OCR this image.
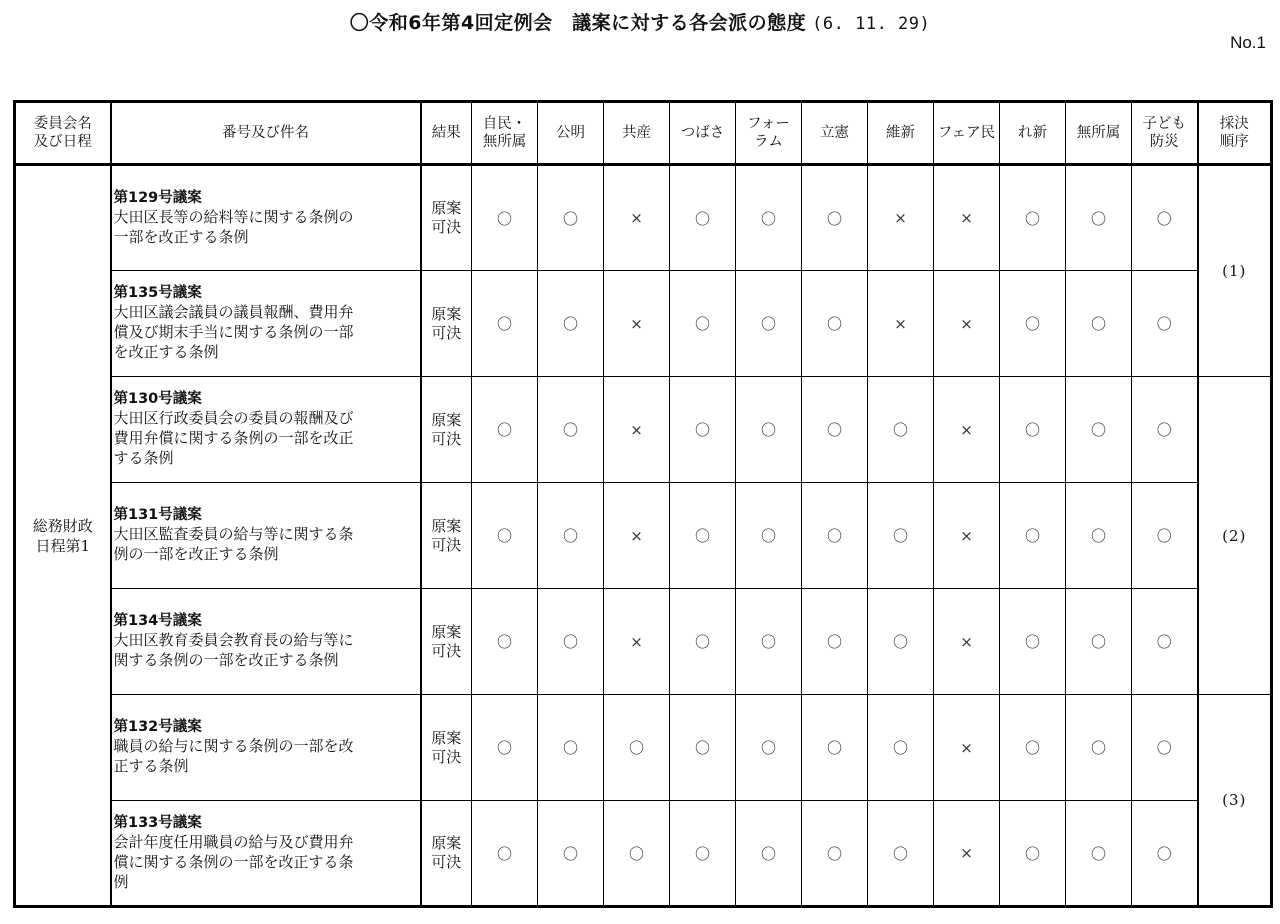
〇令和6年第4回定例会　議案に対する各会派の態度 (6. 11. 29)
No.1
委員会名
及び日程	番号及び件名	結果	自民・
無所属	公明	共産	つばさ	フォー
ラム	立憲	維新	フェア民	れ新	無所属	子ども
防災	採決
順序
総務財政
日程第1	第129号議案
大田区長等の給料等に関する条例の
一部を改正する条例	原案
可決	〇	〇	×	〇	〇	〇	×	×	〇	〇	〇	(1)

	第135号議案
大田区議会議員の議員報酬、費用弁
償及び期末手当に関する条例の一部
を改正する条例	原案
可決	〇	〇	×	〇	〇	〇	×	×	〇	〇	〇	

	第130号議案
大田区行政委員会の委員の報酬及び
費用弁償に関する条例の一部を改正
する条例	原案
可決	〇	〇	×	〇	〇	〇	〇	×	〇	〇	〇	(2)

	第131号議案
大田区監査委員の給与等に関する条
例の一部を改正する条例	原案
可決	〇	〇	×	〇	〇	〇	〇	×	〇	〇	〇	

	第134号議案
大田区教育委員会教育長の給与等に
関する条例の一部を改正する条例	原案
可決	〇	〇	×	〇	〇	〇	〇	×	〇	〇	〇	

	第132号議案
職員の給与に関する条例の一部を改
正する条例	原案
可決	〇	〇	〇	〇	〇	〇	〇	×	〇	〇	〇	(3)

	第133号議案
会計年度任用職員の給与及び費用弁
償に関する条例の一部を改正する条
例	原案
可決	〇	〇	〇	〇	〇	〇	〇	×	〇	〇	〇	
